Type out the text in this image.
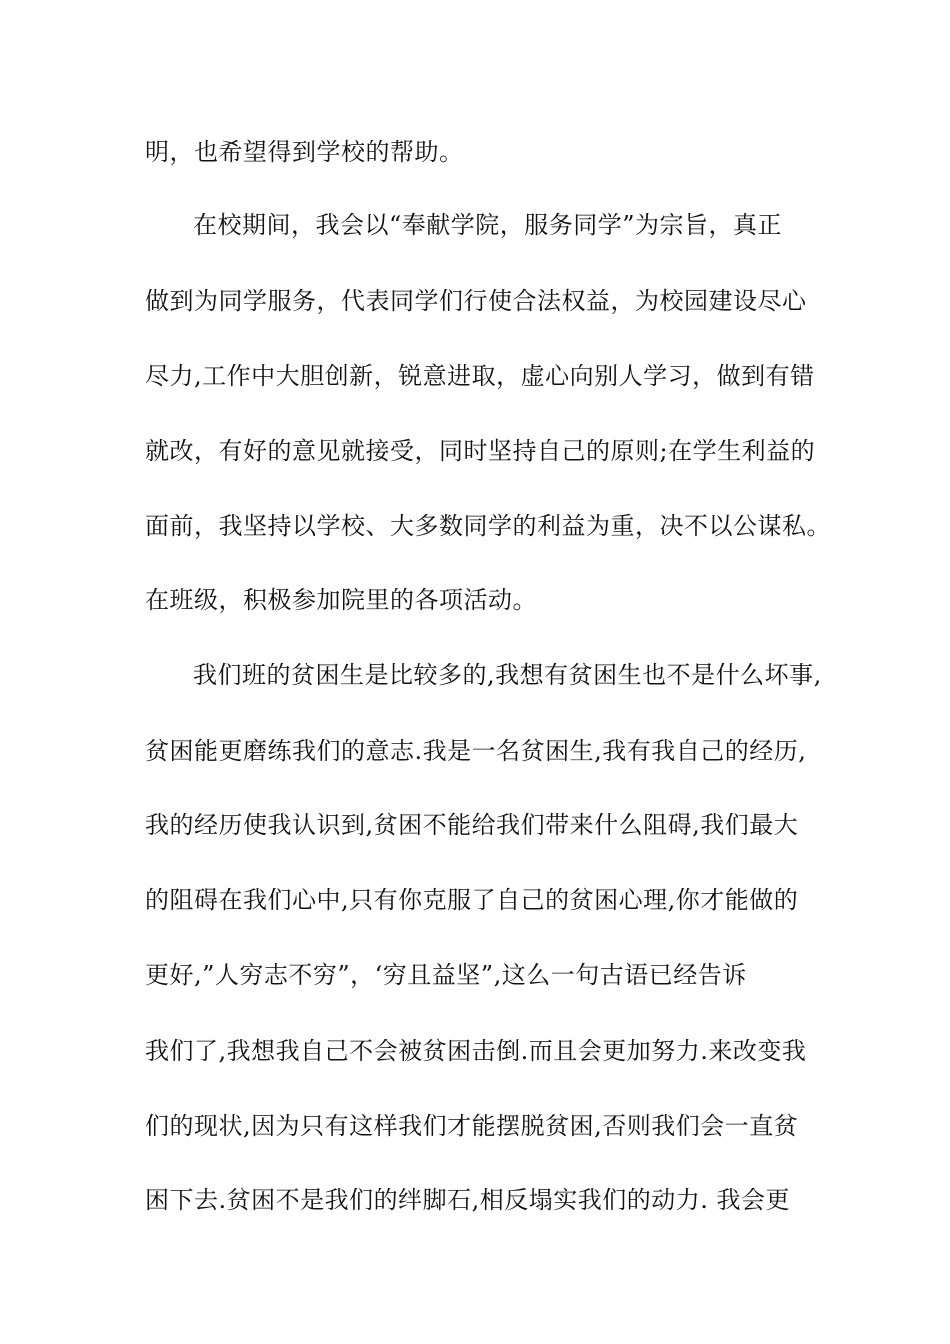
明，也希望得到学校的帮助。
在校期间，我会以“奉献学院，服务同学”为宗旨，真正
做到为同学服务，代表同学们行使合法权益，为校园建设尽心
尽力,工作中大胆创新，锐意进取，虚心向别人学习，做到有错
就改，有好的意见就接受，同时坚持自己的原则;在学生利益的
面前，我坚持以学校、大多数同学的利益为重，决不以公谋私。
在班级，积极参加院里的各项活动。
我们班的贫困生是比较多的,我想有贫困生也不是什么坏事,
贫困能更磨练我们的意志.我是一名贫困生,我有我自己的经历,
我的经历使我认识到,贫困不能给我们带来什么阻碍,我们最大
的阻碍在我们心中,只有你克服了自己的贫困心理,你才能做的
更好,”人穷志不穷”，‘穷且益坚”,这么一句古语已经告诉
我们了,我想我自己不会被贫困击倒.而且会更加努力.来改变我
们的现状,因为只有这样我们才能摆脱贫困,否则我们会一直贫
困下去.贫困不是我们的绊脚石,相反塌实我们的动力. 我会更
